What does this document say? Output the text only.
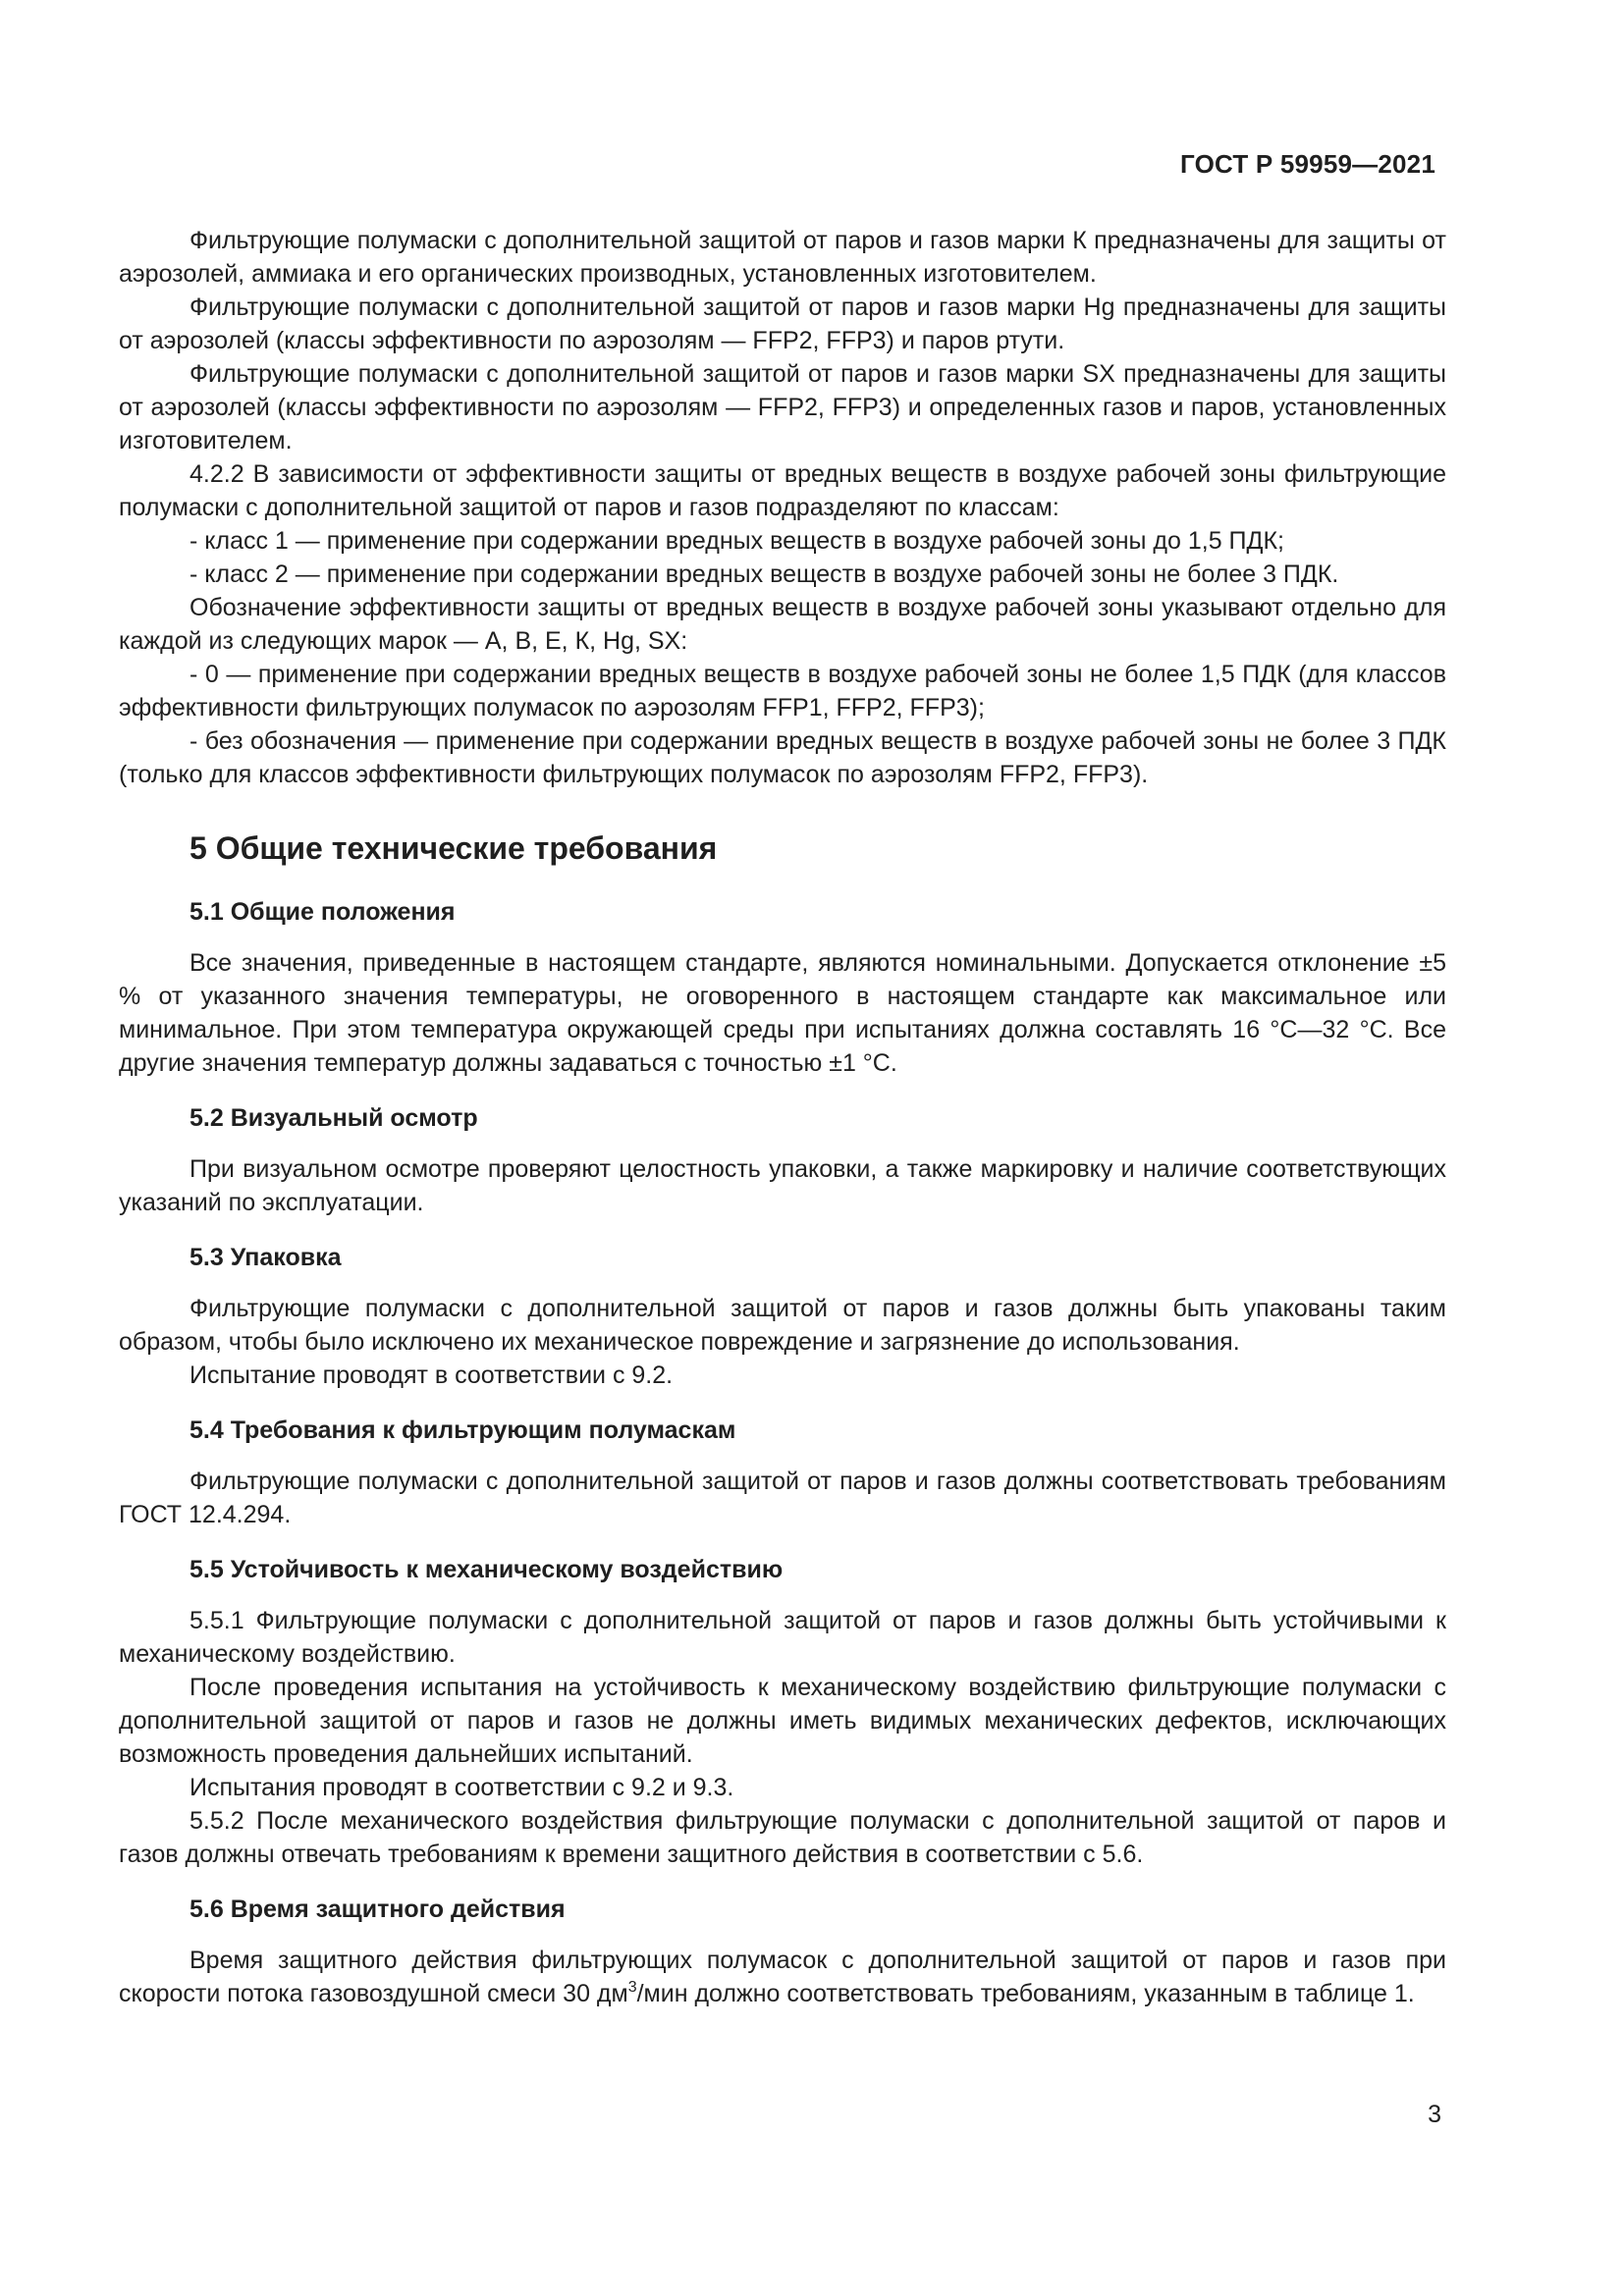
ГОСТ Р 59959—2021

Фильтрующие полумаски с дополнительной защитой от паров и газов марки К предназначены для защиты от аэрозолей, аммиака и его органических производных, установленных изготовителем.

Фильтрующие полумаски с дополнительной защитой от паров и газов марки Hg предназначены для защиты от аэрозолей (классы эффективности по аэрозолям — FFP2, FFP3) и паров ртути.

Фильтрующие полумаски с дополнительной защитой от паров и газов марки SX предназначены для защиты от аэрозолей (классы эффективности по аэрозолям — FFP2, FFP3) и определенных газов и паров, установленных изготовителем.

4.2.2 В зависимости от эффективности защиты от вредных веществ в воздухе рабочей зоны фильтрующие полумаски с дополнительной защитой от паров и газов подразделяют по классам:

- класс 1 — применение при содержании вредных веществ в воздухе рабочей зоны до 1,5 ПДК;

- класс 2 — применение при содержании вредных веществ в воздухе рабочей зоны не более 3 ПДК.

Обозначение эффективности защиты от вредных веществ в воздухе рабочей зоны указывают отдельно для каждой из следующих марок — А, В, Е, К, Hg, SX:

- 0 — применение при содержании вредных веществ в воздухе рабочей зоны не более 1,5 ПДК (для классов эффективности фильтрующих полумасок по аэрозолям FFP1, FFP2, FFP3);

- без обозначения — применение при содержании вредных веществ в воздухе рабочей зоны не более 3 ПДК (только для классов эффективности фильтрующих полумасок по аэрозолям FFP2, FFP3).

5 Общие технические требования
5.1 Общие положения

Все значения, приведенные в настоящем стандарте, являются номинальными. Допускается отклонение ±5 % от указанного значения температуры, не оговоренного в настоящем стандарте как максимальное или минимальное. При этом температура окружающей среды при испытаниях должна составлять 16 °С—32 °С. Все другие значения температур должны задаваться с точностью ±1 °С.

5.2 Визуальный осмотр

При визуальном осмотре проверяют целостность упаковки, а также маркировку и наличие соответствующих указаний по эксплуатации.

5.3 Упаковка

Фильтрующие полумаски с дополнительной защитой от паров и газов должны быть упакованы таким образом, чтобы было исключено их механическое повреждение и загрязнение до использования.

Испытание проводят в соответствии с 9.2.

5.4 Требования к фильтрующим полумаскам

Фильтрующие полумаски с дополнительной защитой от паров и газов должны соответствовать требованиям ГОСТ 12.4.294.

5.5 Устойчивость к механическому воздействию

5.5.1 Фильтрующие полумаски с дополнительной защитой от паров и газов должны быть устойчивыми к механическому воздействию.

После проведения испытания на устойчивость к механическому воздействию фильтрующие полумаски с дополнительной защитой от паров и газов не должны иметь видимых механических дефектов, исключающих возможность проведения дальнейших испытаний.

Испытания проводят в соответствии с 9.2 и 9.3.

5.5.2 После механического воздействия фильтрующие полумаски с дополнительной защитой от паров и газов должны отвечать требованиям к времени защитного действия в соответствии с 5.6.

5.6 Время защитного действия

Время защитного действия фильтрующих полумасок с дополнительной защитой от паров и газов при скорости потока газовоздушной смеси 30 $дм^3$/мин должно соответствовать требованиям, указанным в таблице 1.

3
